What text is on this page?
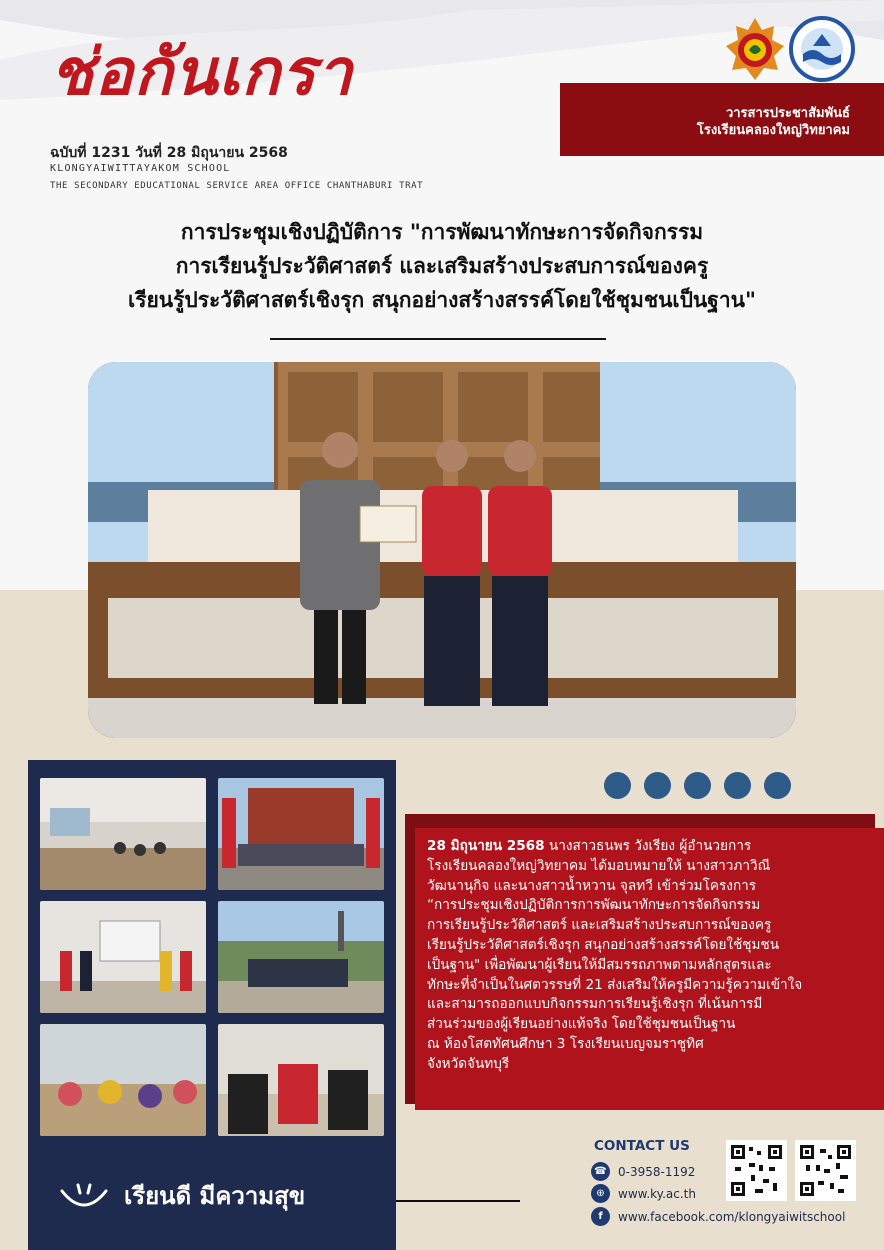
ช่อกันเกรา
ฉบับที่ 1231 วันที่ 28 มิถุนายน 2568
KLONGYAIWITTAYAKOM SCHOOL
THE SECONDARY EDUCATIONAL SERVICE AREA OFFICE CHANTHABURI TRAT
วารสารประชาสัมพันธ์
โรงเรียนคลองใหญ่วิทยาคม
การประชุมเชิงปฏิบัติการ "การพัฒนาทักษะการจัดกิจกรรม
การเรียนรู้ประวัติศาสตร์ และเสริมสร้างประสบการณ์ของครู
เรียนรู้ประวัติศาสตร์เชิงรุก สนุกอย่างสร้างสรรค์โดยใช้ชุมชนเป็นฐาน"
เรียนดี มีความสุข
28 มิถุนายน 2568 นางสาวธนพร วังเรียง ผู้อำนวยการ
โรงเรียนคลองใหญ่วิทยาคม ได้มอบหมายให้ นางสาวภาวิณี
วัฒนานุกิจ และนางสาวน้ำหวาน จุลทวี เข้าร่วมโครงการ
“การประชุมเชิงปฏิบัติการการพัฒนาทักษะการจัดกิจกรรม
การเรียนรู้ประวัติศาสตร์ และเสริมสร้างประสบการณ์ของครู
เรียนรู้ประวัติศาสตร์เชิงรุก สนุกอย่างสร้างสรรค์โดยใช้ชุมชน
เป็นฐาน" เพื่อพัฒนาผู้เรียนให้มีสมรรถภาพตามหลักสูตรและ
ทักษะที่จำเป็นในศตวรรษที่ 21 ส่งเสริมให้ครูมีความรู้ความเข้าใจ
และสามารถออกแบบกิจกรรมการเรียนรู้เชิงรุก ที่เน้นการมี
ส่วนร่วมของผู้เรียนอย่างแท้จริง โดยใช้ชุมชนเป็นฐาน
ณ ห้องโสตทัศนศึกษา 3 โรงเรียนเบญจมราชูทิศ
จังหวัดจันทบุรี
CONTACT US
☎ 0-3958-1192
⊕	www.ky.ac.th
f	www.facebook.com/klongyaiwitschool
